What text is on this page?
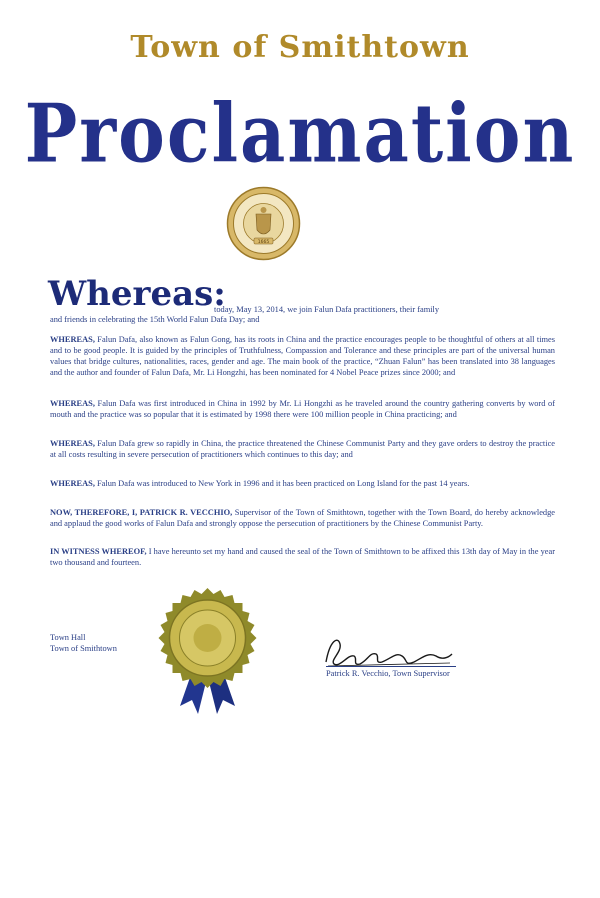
Town of Smithtown
Proclamation
1665
Whereas:
today, May 13, 2014, we join Falun Dafa practitioners, their family
and friends in celebrating the 15th World Falun Dafa Day; and
WHEREAS, Falun Dafa, also known as Falun Gong, has its roots in China and the practice encourages people to be thoughtful of others at all times and to be good people. It is guided by the principles of Truthfulness, Compassion and Tolerance and these principles are part of the universal human values that bridge cultures, nationalities, races, gender and age. The main book of the practice, “Zhuan Falun” has been translated into 38 languages and the author and founder of Falun Dafa, Mr. Li Hongzhi, has been nominated for 4 Nobel Peace prizes since 2000; and
WHEREAS, Falun Dafa was first introduced in China in 1992 by Mr. Li Hongzhi as he traveled around the country gathering converts by word of mouth and the practice was so popular that it is estimated by 1998 there were 100 million people in China practicing; and
WHEREAS, Falun Dafa grew so rapidly in China, the practice threatened the Chinese Communist Party and they gave orders to destroy the practice at all costs resulting in severe persecution of practitioners which continues to this day; and
WHEREAS, Falun Dafa was introduced to New York in 1996 and it has been practiced on Long Island for the past 14 years.
NOW, THEREFORE, I, PATRICK R. VECCHIO, Supervisor of the Town of Smithtown, together with the Town Board, do hereby acknowledge and applaud the good works of Falun Dafa and strongly oppose the persecution of practitioners by the Chinese Communist Party.
IN WITNESS WHEREOF, I have hereunto set my hand and caused the seal of the Town of Smithtown to be affixed this 13th day of May in the year two thousand and fourteen.
Town Hall
Town of Smithtown
Patrick R. Vecchio, Town Supervisor
